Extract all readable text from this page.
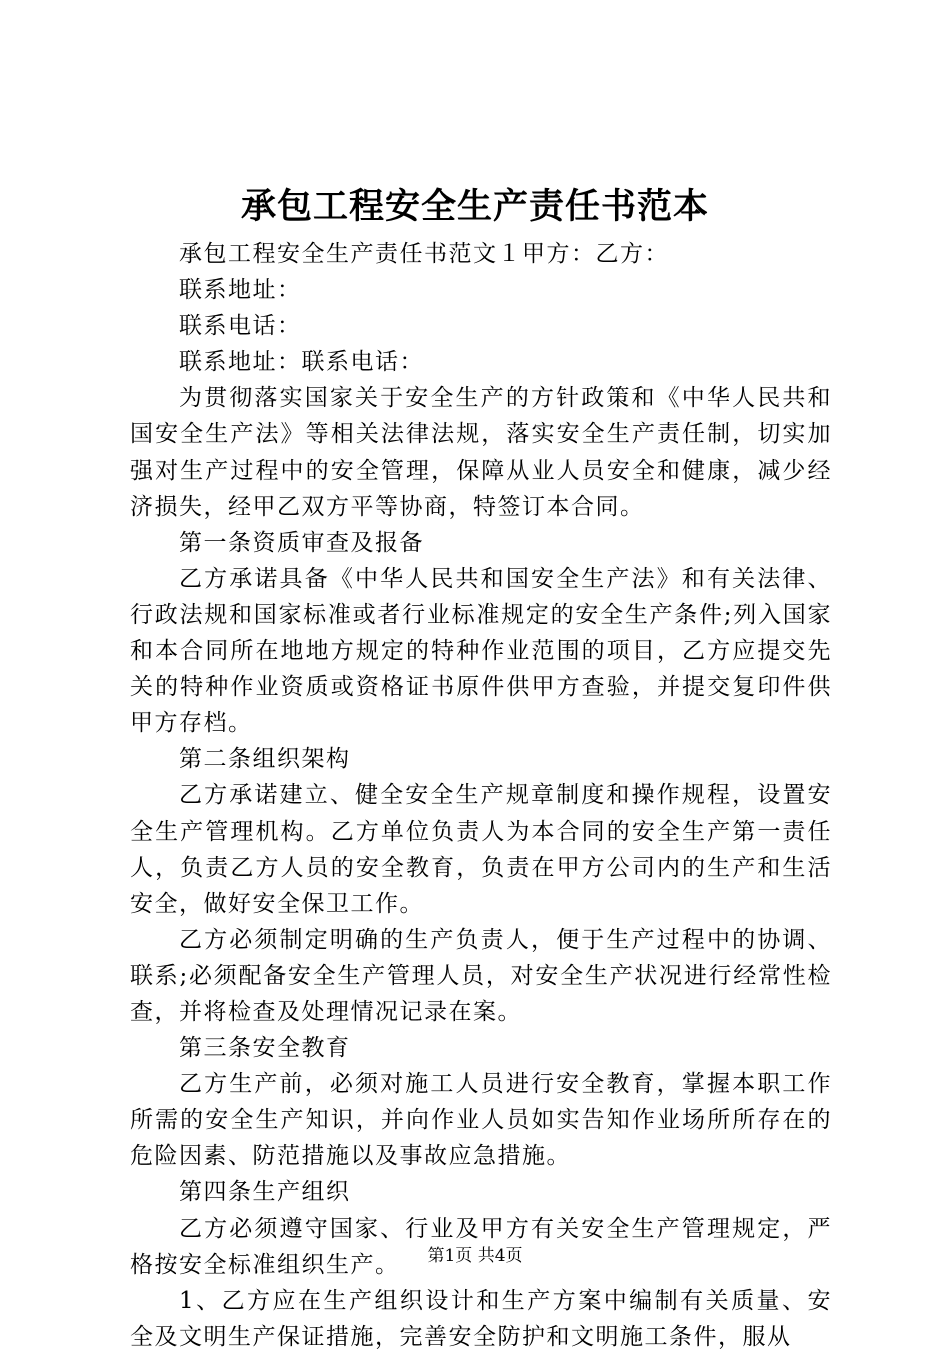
承包工程安全生产责任书范本

承包工程安全生产责任书范文１甲方：乙方：

联系地址：

联系电话：

联系地址：联系电话：

为贯彻落实国家关于安全生产的方针政策和《中华人民共和国安全生产法》等相关法律法规，落实安全生产责任制，切实加强对生产过程中的安全管理，保障从业人员安全和健康，减少经济损失，经甲乙双方平等协商，特签订本合同。

第一条资质审查及报备

乙方承诺具备《中华人民共和国安全生产法》和有关法律、行政法规和国家标准或者行业标准规定的安全生产条件;列入国家和本合同所在地地方规定的特种作业范围的项目，乙方应提交先关的特种作业资质或资格证书原件供甲方查验，并提交复印件供甲方存档。

第二条组织架构

乙方承诺建立、健全安全生产规章制度和操作规程，设置安全生产管理机构。乙方单位负责人为本合同的安全生产第一责任人，负责乙方人员的安全教育，负责在甲方公司内的生产和生活安全，做好安全保卫工作。

乙方必须制定明确的生产负责人，便于生产过程中的协调、联系;必须配备安全生产管理人员，对安全生产状况进行经常性检查，并将检查及处理情况记录在案。

第三条安全教育

乙方生产前，必须对施工人员进行安全教育，掌握本职工作所需的安全生产知识，并向作业人员如实告知作业场所所存在的危险因素、防范措施以及事故应急措施。

第四条生产组织

乙方必须遵守国家、行业及甲方有关安全生产管理规定，严格按安全标准组织生产。

1、乙方应在生产组织设计和生产方案中编制有关质量、安全及文明生产保证措施，完善安全防护和文明施工条件，服从

第1页 共4页
